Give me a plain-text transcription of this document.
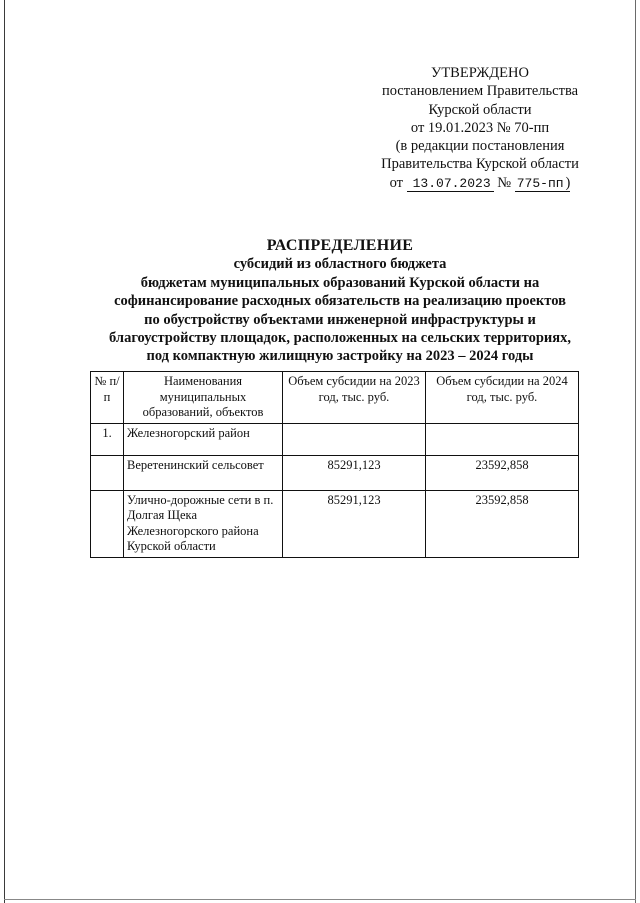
УТВЕРЖДЕНО
постановлением Правительства
Курской области
от 19.01.2023 № 70-пп
(в редакции постановления
Правительства Курской области
от 13.07.2023 № 775-пп )
РАСПРЕДЕЛЕНИЕ
субсидий из областного бюджета
бюджетам муниципальных образований Курской области на
софинансирование расходных обязательств на реализацию проектов
по обустройству объектами инженерной инфраструктуры и
благоустройству площадок, расположенных на сельских территориях,
под компактную жилищную застройку на 2023 – 2024 годы
№ п/п	Наименования муниципальных образований, объектов	Объем субсидии на 2023 год, тыс. руб.	Объем субсидии на 2024 год, тыс. руб.
1.	Железногорский район		
	Веретенинский сельсовет	85291,123	23592,858
	Улично-дорожные сети в п. Долгая Щека Железногорского района Курской области	85291,123	23592,858
